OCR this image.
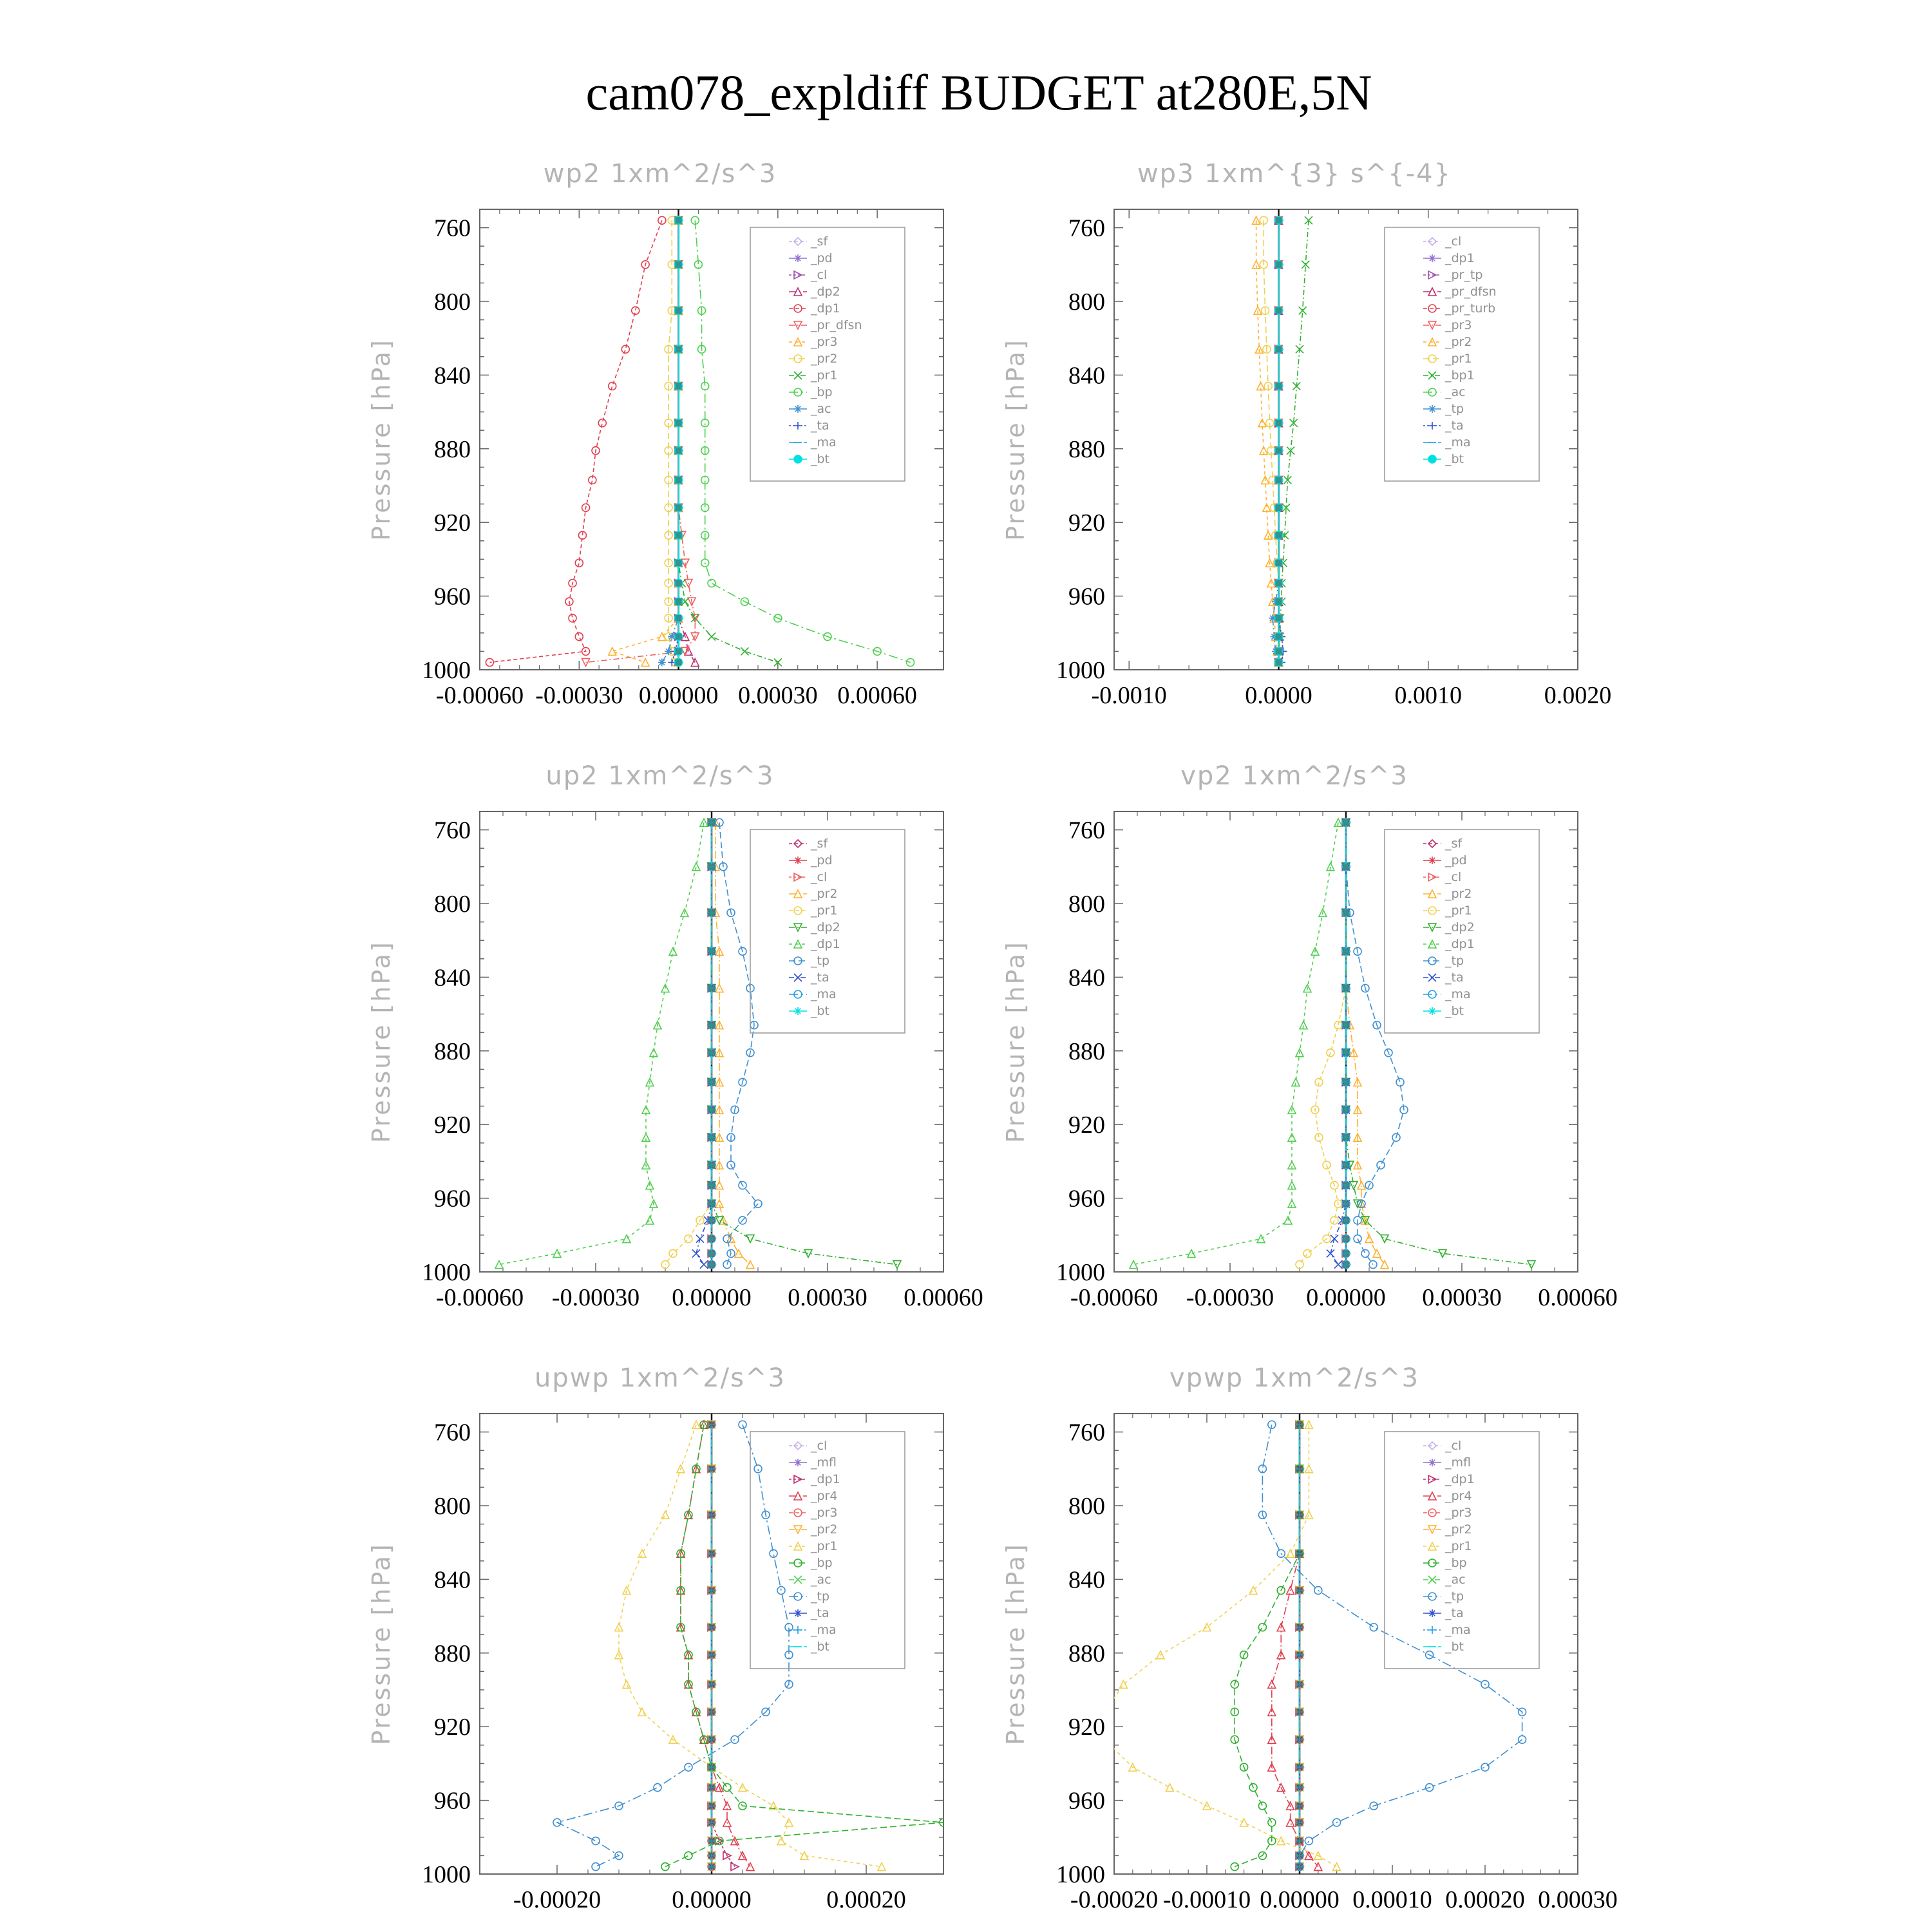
cam078_expldiff BUDGET at280E,5N
wp2 1xm^2/s^3
Pressure [hPa]
760
800
840
880
920
960
1000
-0.00060 -0.00030 0.00000 0.00030 0.00060
_sf
_pd
_cl
_dp2
_dp1
_pr_dfsn
_pr3
_pr2
_pr1
_bp
_ac
_ta
_ma
_bt
wp3 1xm^{3} s^{-4}
Pressure [hPa]
760
800
840
880
920
960
1000
-0.0010	0.0000	0.0010	0.0020
_cl
_dp1
_pr_tp
_pr_dfsn
_pr_turb
_pr3
_pr2
_pr1
_bp1
_ac
_tp
_ta
_ma
_bt
up2 1xm^2/s^3
Pressure [hPa]
760
800
840
880
920
960
1000
-0.00060 -0.00030 0.00000 0.00030 0.00060
_sf
_pd
_cl
_pr2
_pr1
_dp2
_dp1
_tp
_ta
_ma
_bt
vp2 1xm^2/s^3
Pressure [hPa]
760
800
840
880
920
960
1000
-0.00060 -0.00030 0.00000 0.00030 0.00060
_sf
_pd
_cl
_pr2
_pr1
_dp2
_dp1
_tp
_ta
_ma
_bt
upwp 1xm^2/s^3
Pressure [hPa]
760
800
840
880
920
960
1000
-0.00020	0.00000	0.00020
_cl
_mfl
_dp1
_pr4
_pr3
_pr2
_pr1
_bp
_ac
_tp
_ta
_ma
_bt
vpwp 1xm^2/s^3
Pressure [hPa]
760
800
840
880
920
960
1000
-0.00020 -0.00010 0.00000 0.00010 0.00020 0.00030
_cl
_mfl
_dp1
_pr4
_pr3
_pr2
_pr1
_bp
_ac
_tp
_ta
_ma
_bt
